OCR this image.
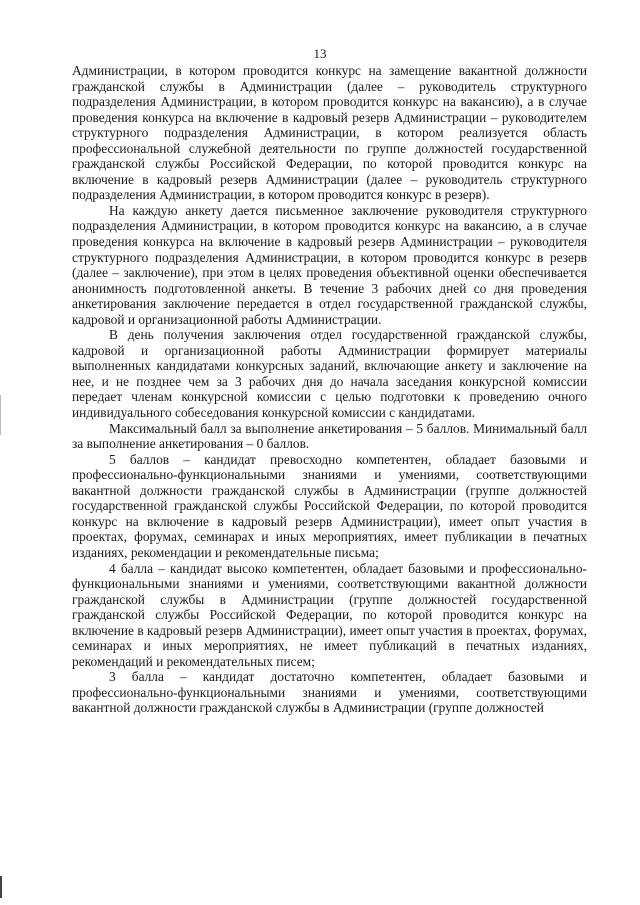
13

Администрации, в котором проводится конкурс на замещение вакантной должности гражданской службы в Администрации (далее – руководитель структурного подразделения Администрации, в котором проводится конкурс на вакансию), а в случае проведения конкурса на включение в кадровый резерв Администрации – руководителем структурного подразделения Администрации, в котором реализуется область профессиональной служебной деятельности по группе должностей государственной гражданской службы Российской Федерации, по которой проводится конкурс на включение в кадровый резерв Администрации (далее – руководитель структурного подразделения Администрации, в котором проводится конкурс в резерв).

На каждую анкету дается письменное заключение руководителя структурного подразделения Администрации, в котором проводится конкурс на вакансию, а в случае проведения конкурса на включение в кадровый резерв Администрации – руководителя структурного подразделения Администрации, в котором проводится конкурс в резерв (далее – заключение), при этом в целях проведения объективной оценки обеспечивается анонимность подготовленной анкеты. В течение 3 рабочих дней со дня проведения анкетирования заключение передается в отдел государственной гражданской службы, кадровой и организационной работы Администрации.

В день получения заключения отдел государственной гражданской службы, кадровой и организационной работы Администрации формирует материалы выполненных кандидатами конкурсных заданий, включающие анкету и заключение на нее, и не позднее чем за 3 рабочих дня до начала заседания конкурсной комиссии передает членам конкурсной комиссии с целью подготовки к проведению очного индивидуального собеседования конкурсной комиссии с кандидатами.

Максимальный балл за выполнение анкетирования – 5 баллов. Минимальный балл за выполнение анкетирования – 0 баллов.

5 баллов – кандидат превосходно компетентен, обладает базовыми и профессионально-функциональными знаниями и умениями, соответствующими вакантной должности гражданской службы в Администрации (группе должностей государственной гражданской службы Российской Федерации, по которой проводится конкурс на включение в кадровый резерв Администрации), имеет опыт участия в проектах, форумах, семинарах и иных мероприятиях, имеет публикации в печатных изданиях, рекомендации и рекомендательные письма;

4 балла – кандидат высоко компетентен, обладает базовыми и профессионально-функциональными знаниями и умениями, соответствующими вакантной должности гражданской службы в Администрации (группе должностей государственной гражданской службы Российской Федерации, по которой проводится конкурс на включение в кадровый резерв Администрации), имеет опыт участия в проектах, форумах, семинарах и иных мероприятиях, не имеет публикаций в печатных изданиях, рекомендаций и рекомендательных писем;

3 балла – кандидат достаточно компетентен, обладает базовыми и профессионально-функциональными знаниями и умениями, соответствующими вакантной должности гражданской службы в Администрации (группе должностей
